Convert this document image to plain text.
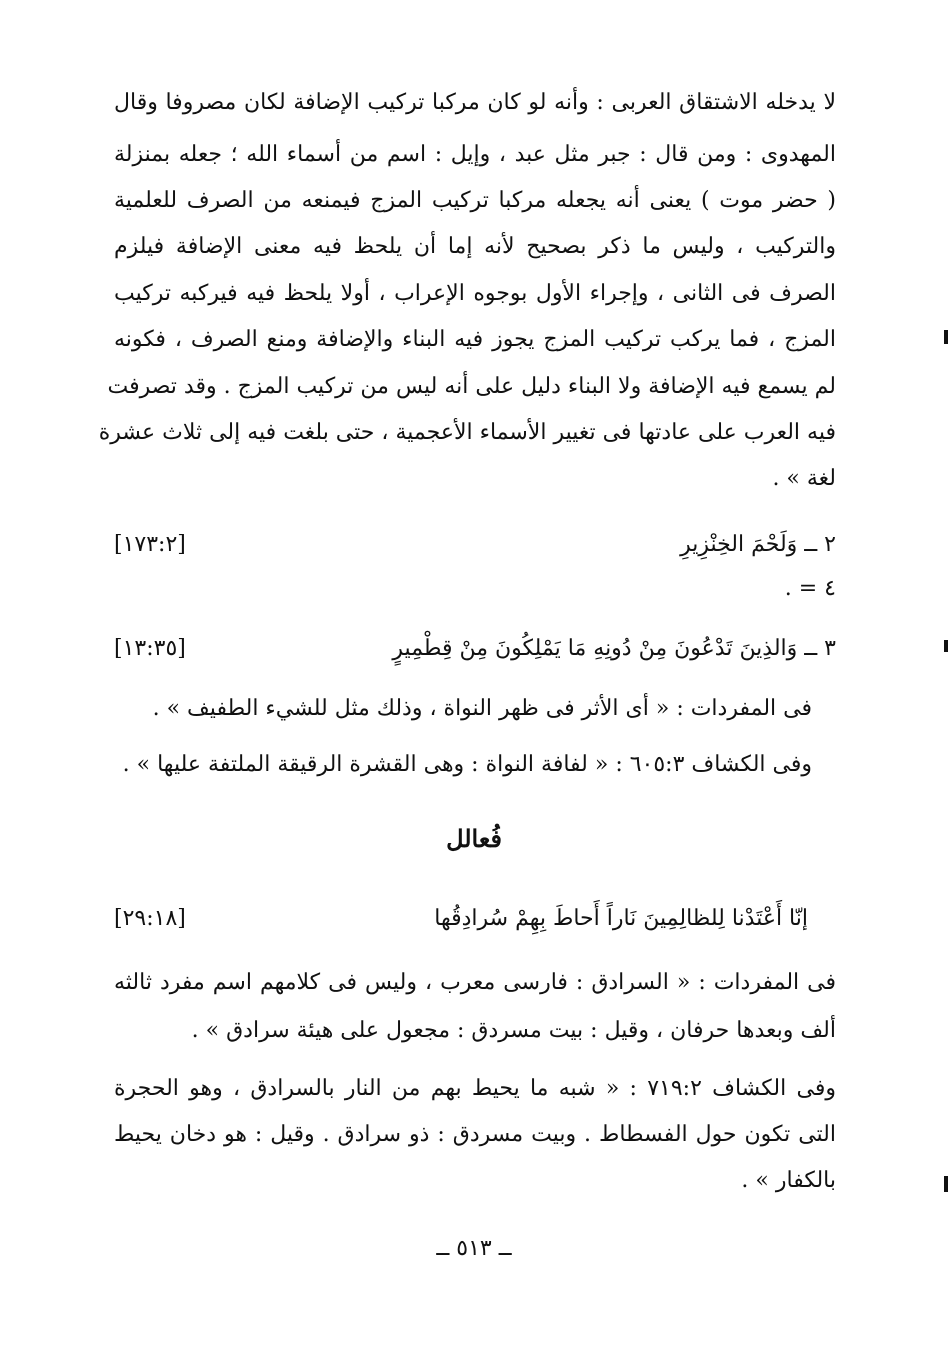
لا يدخله الاشتقاق العربى : وأنه لو كان مركبا تركيب الإضافة لكان مصروفا وقال
المهدوى : ومن قال : جبر مثل عبد ، وإيل : اسم من أسماء الله ؛ جعله بمنزلة
( حضر موت ) يعنى أنه يجعله مركبا تركيب المزج فيمنعه من الصرف للعلمية
والتركيب ، وليس ما ذكر بصحيح لأنه إما أن يلحظ فيه معنى الإضافة فيلزم
الصرف فى الثانى ، وإجراء الأول بوجوه الإعراب ، أولا يلحظ فيه فيركبه تركيب
المزج ، فما يركب تركيب المزج يجوز فيه البناء والإضافة ومنع الصرف ، فكونه
لم يسمع فيه الإضافة ولا البناء دليل على أنه ليس من تركيب المزج . وقد تصرفت
فيه العرب على عادتها فى تغيير الأسماء الأعجمية ، حتى بلغت فيه إلى ثلاث عشرة
لغة » .
٢ ــ وَلَحْمَ الخِنْزِيرِ
[١٧٣:٢]
٤ = .
٣ ــ وَالذِينَ تَدْعُونَ مِنْ دُونِهِ مَا يَمْلِكُونَ مِنْ قِطْمِيرٍ
[١٣:٣٥]
فى المفردات : « أى الأثر فى ظهر النواة ، وذلك مثل للشيء الطفيف » .
وفى الكشاف ٦٠٥:٣ : « لفافة النواة : وهى القشرة الرقيقة الملتفة عليها » .
فُعالل
إنّا أَعْتَدْنا لِلظالِمِينَ نَاراً أَحاطَ بِهِمْ سُرادِقُها
[٢٩:١٨]
فى المفردات : « السرادق : فارسى معرب ، وليس فى كلامهم اسم مفرد ثالثه
ألف وبعدها حرفان ، وقيل : بيت مسردق : مجعول على هيئة سرادق » .
وفى الكشاف ٧١٩:٢ : « شبه ما يحيط بهم من النار بالسرادق ، وهو الحجرة
التى تكون حول الفسطاط . وبيت مسردق : ذو سرادق . وقيل : هو دخان يحيط
بالكفار » .
ــ ٥١٣ ــ
